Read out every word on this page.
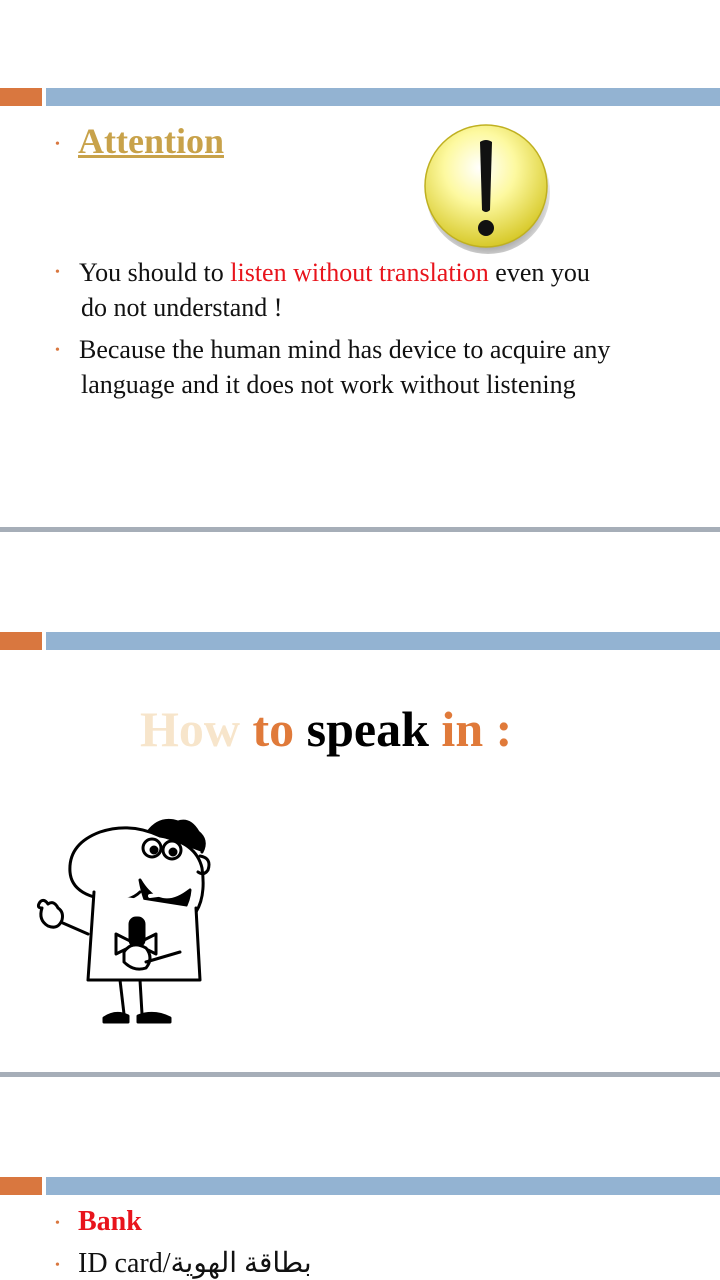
• Attention
• You should to listen without translation even you
do not understand !
• Because the human mind has device to acquire any
language and it does not work without listening
How to speak in :
• Bank
• ID card/بطاقة الهوية
